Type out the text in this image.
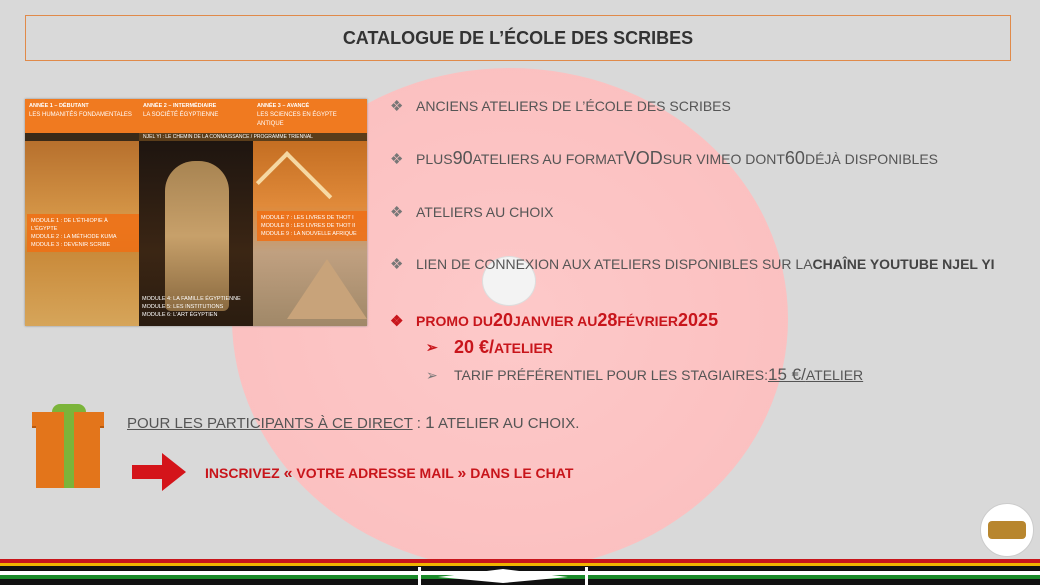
CATALOGUE DE L’ÉCOLE DES SCRIBES
ANNÉE 1 – DÉBUTANT
LES HUMANITÉS FONDAMENTALES
ANNÉE 2 – INTERMÉDIAIRE
LA SOCIÉTÉ ÉGYPTIENNE
ANNÉE 3 – AVANCÉ
LES SCIENCES EN ÉGYPTE ANTIQUE
NJEL YI : LE CHEMIN DE LA CONNAISSANCE / PROGRAMME TRIENNAL
MODULE 1 : DE L'ÉTHIOPIE À L'ÉGYPTE
MODULE 2 : LA MÉTHODE KUMA
MODULE 3 : DEVENIR SCRIBE
MODULE 4: LA FAMILLE ÉGYPTIENNE
MODULE 5: LES INSTITUTIONS
MODULE 6: L'ART ÉGYPTIEN
MODULE 7 : LES LIVRES DE THOT I
MODULE 8 : LES LIVRES DE THOT II
MODULE 9 : LA NOUVELLE AFRIQUE
❖ ANCIENS ATELIERS DE L’ÉCOLE DES SCRIBES
❖ PLUS 90 ATELIERS AU FORMAT VOD SUR VIMEO DONT 60 DÉJÀ DISPONIBLES
❖ ATELIERS AU CHOIX
❖ LIEN DE CONNEXION AUX ATELIERS DISPONIBLES SUR LA CHAÎNE YOUTUBE NJEL YI
❖ PROMO DU 20 JANVIER AU 28 FÉVRIER 2025
➢ 20 €/ ATELIER
➢	TARIF PRÉFÉRENTIEL POUR LES STAGIAIRES: 15 €/ ATELIER
POUR LES PARTICIPANTS À CE DIRECT : 1 ATELIER AU CHOIX.
INSCRIVEZ « VOTRE ADRESSE MAIL » DANS LE CHAT
